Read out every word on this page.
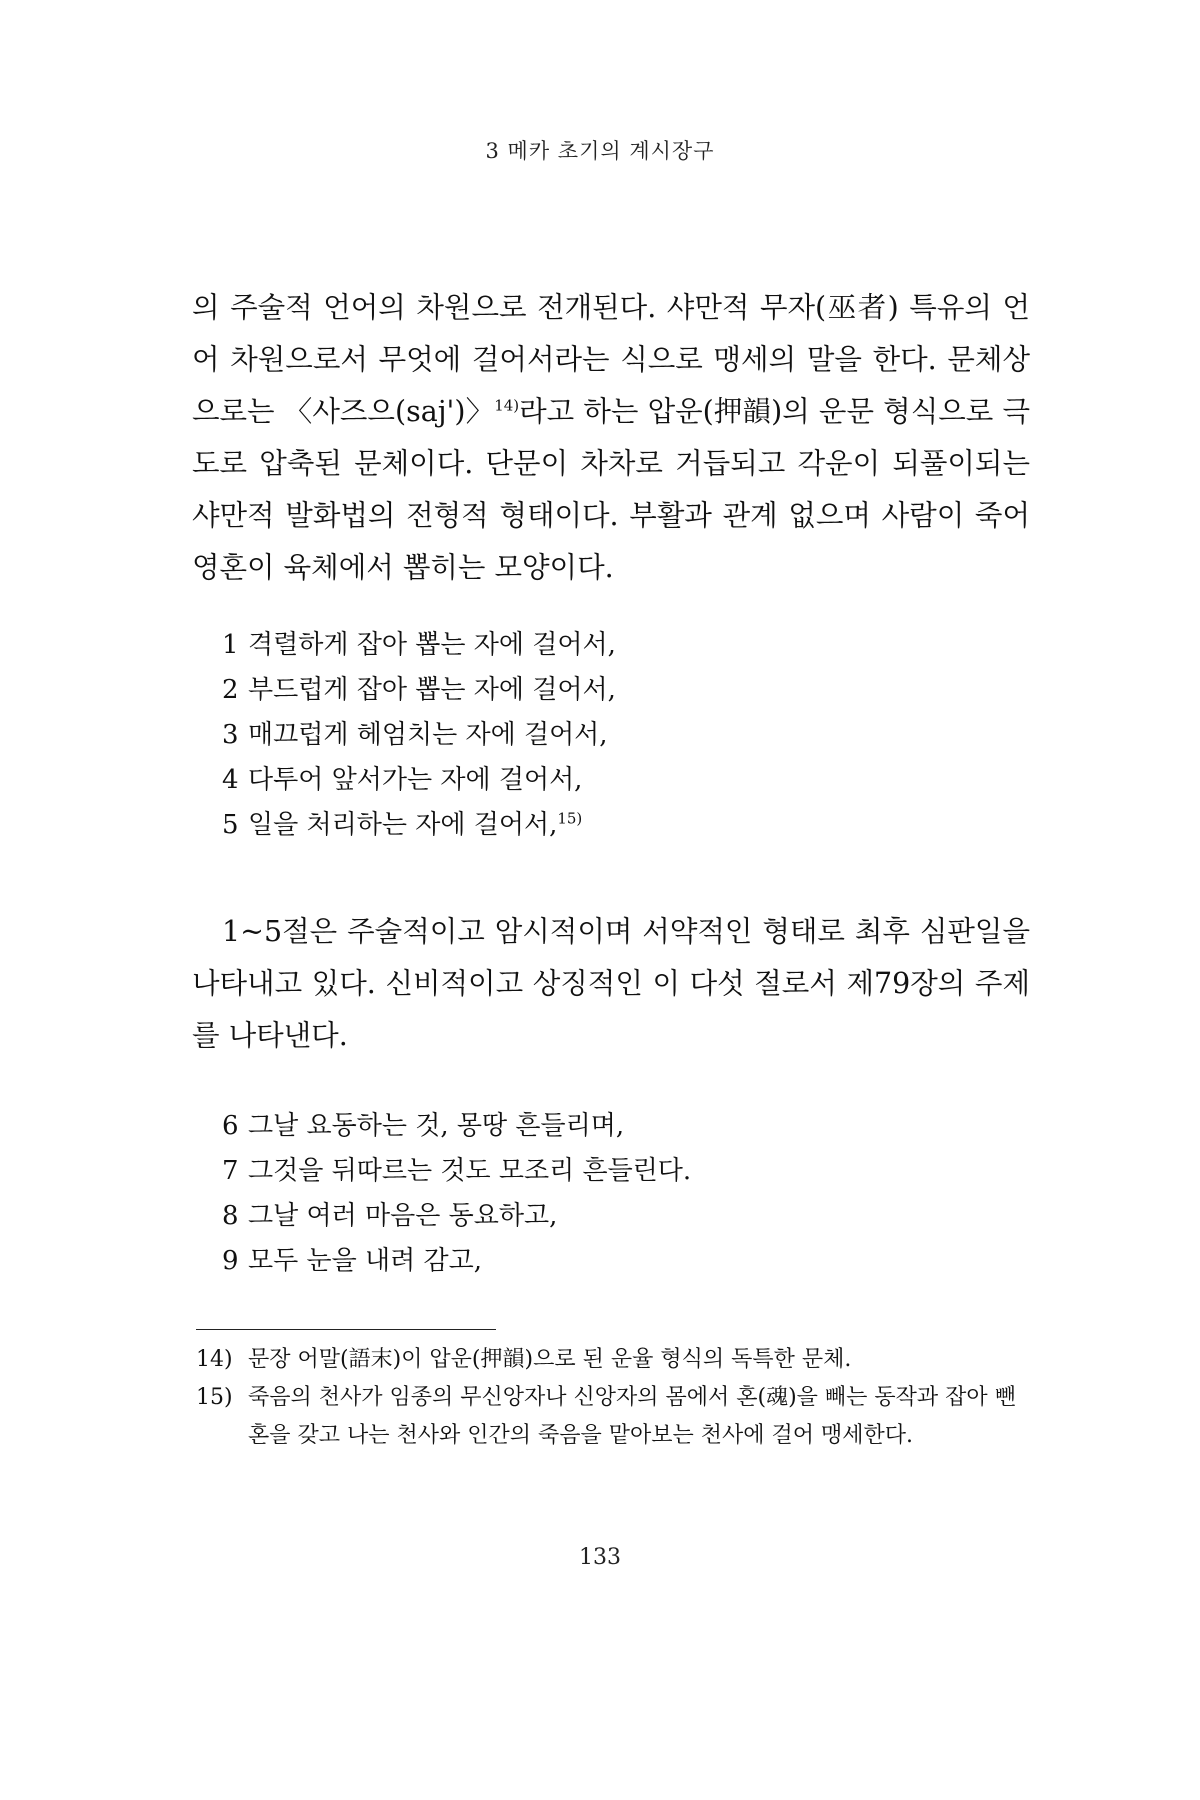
3 메카 초기의 계시장구
의 주술적 언어의 차원으로 전개된다. 샤만적 무자(巫者) 특유의 언어 차원으로서 무엇에 걸어서라는 식으로 맹세의 말을 한다. 문체상으로는 〈사즈으(saj')〉$^{14)}$라고 하는 압운(押韻)의 운문 형식으로 극도로 압축된 문체이다. 단문이 차차로 거듭되고 각운이 되풀이되는 샤만적 발화법의 전형적 형태이다. 부활과 관계 없으며 사람이 죽어 영혼이 육체에서 뽑히는 모양이다.
1 격렬하게 잡아 뽑는 자에 걸어서,
2 부드럽게 잡아 뽑는 자에 걸어서,
3 매끄럽게 헤엄치는 자에 걸어서,
4 다투어 앞서가는 자에 걸어서,
5 일을 처리하는 자에 걸어서,$^{15)}$
1~5절은 주술적이고 암시적이며 서약적인 형태로 최후 심판일을 나타내고 있다. 신비적이고 상징적인 이 다섯 절로서 제79장의 주제를 나타낸다.
6 그날 요동하는 것, 몽땅 흔들리며,
7 그것을 뒤따르는 것도 모조리 흔들린다.
8 그날 여러 마음은 동요하고,
9 모두 눈을 내려 감고,
14) 문장 어말(語末)이 압운(押韻)으로 된 운율 형식의 독특한 문체.
15) 죽음의 천사가 임종의 무신앙자나 신앙자의 몸에서 혼(魂)을 빼는 동작과 잡아 뺀 혼을 갖고 나는 천사와 인간의 죽음을 맡아보는 천사에 걸어 맹세한다.
133
